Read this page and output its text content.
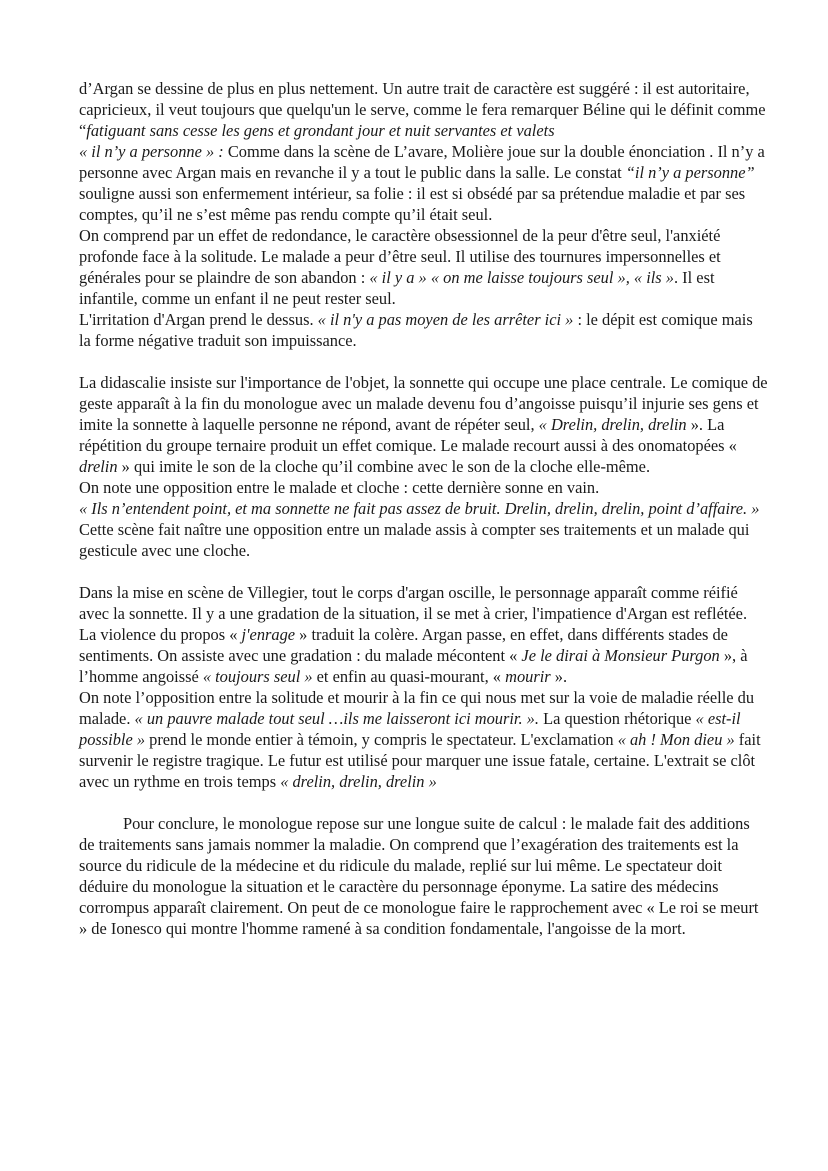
d’Argan se dessine de plus en plus nettement. Un autre trait de caractère est suggéré : il est autoritaire, capricieux, il veut toujours que quelqu'un le serve, comme le fera remarquer Béline qui le définit comme “fatiguant sans cesse les gens et grondant jour et nuit servantes et valets

« il n’y a personne » : Comme dans la scène de L’avare, Molière joue sur la double énonciation . Il n’y a personne avec Argan mais en revanche il y a tout le public dans la salle. Le constat “il n’y a personne” souligne aussi son enfermement intérieur, sa folie : il est si obsédé par sa prétendue maladie et par ses comptes, qu’il ne s’est même pas rendu compte qu’il était seul.

On comprend par un effet de redondance, le caractère obsessionnel de la peur d'être seul, l'anxiété profonde face à la solitude. Le malade a peur d’être seul. Il utilise des tournures impersonnelles et générales pour se plaindre de son abandon : « il y a » « on me laisse toujours seul », « ils ». Il est infantile, comme un enfant il ne peut rester seul.

L'irritation d'Argan prend le dessus. « il n'y a pas moyen de les arrêter ici » : le dépit est comique mais la forme négative traduit son impuissance.

La didascalie insiste sur l'importance de l'objet, la sonnette qui occupe une place centrale. Le comique de geste apparaît à la fin du monologue avec un malade devenu fou d’angoisse puisqu’il injurie ses gens et imite la sonnette à laquelle personne ne répond, avant de répéter seul, « Drelin, drelin, drelin ». La répétition du groupe ternaire produit un effet comique. Le malade recourt aussi à des onomatopées « drelin » qui imite le son de la cloche qu’il combine avec le son de la cloche elle-même.

On note une opposition entre le malade et cloche : cette dernière sonne en vain.

« Ils n’entendent point, et ma sonnette ne fait pas assez de bruit. Drelin, drelin, drelin, point d’affaire. » Cette scène fait naître une opposition entre un malade assis à compter ses traitements et un malade qui gesticule avec une cloche.

Dans la mise en scène de Villegier, tout le corps d'argan oscille, le personnage apparaît comme réifié avec la sonnette. Il y a une gradation de la situation, il se met à crier, l'impatience d'Argan est reflétée. La violence du propos « j'enrage » traduit la colère. Argan passe, en effet, dans différents stades de sentiments. On assiste avec une gradation : du malade mécontent « Je le dirai à Monsieur Purgon », à l’homme angoissé « toujours seul » et enfin au quasi-mourant, « mourir ».

On note l’opposition entre la solitude et mourir à la fin ce qui nous met sur la voie de maladie réelle du malade. « un pauvre malade tout seul …ils me laisseront ici mourir. ». La question rhétorique « est-il possible » prend le monde entier à témoin, y compris le spectateur. L'exclamation « ah ! Mon dieu » fait survenir le registre tragique. Le futur est utilisé pour marquer une issue fatale, certaine. L'extrait se clôt avec un rythme en trois temps « drelin, drelin, drelin »

Pour conclure, le monologue repose sur une longue suite de calcul : le malade fait des additions de traitements sans jamais nommer la maladie. On comprend que l’exagération des traitements est la source du ridicule de la médecine et du ridicule du malade, replié sur lui même. Le spectateur doit déduire du monologue la situation et le caractère du personnage éponyme. La satire des médecins corrompus apparaît clairement. On peut de ce monologue faire le rapprochement avec « Le roi se meurt » de Ionesco qui montre l'homme ramené à sa condition fondamentale, l'angoisse de la mort.
